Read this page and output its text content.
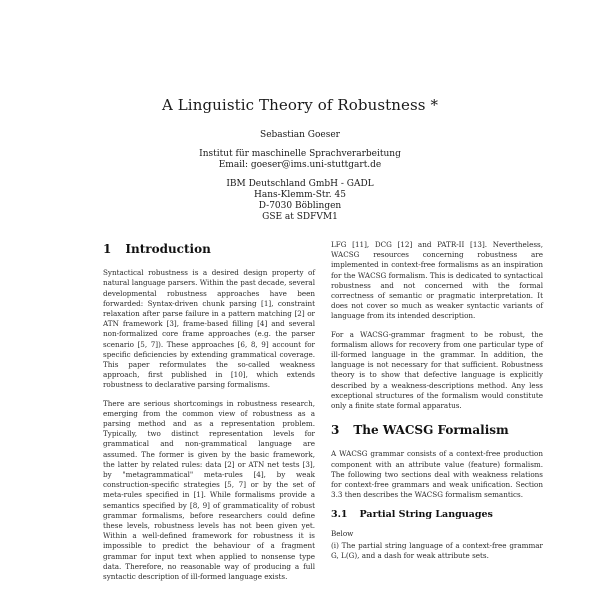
A Linguistic Theory of Robustness *
Sebastian Goeser
Institut für maschinelle Sprachverarbeitung
Email: goeser@ims.uni-stuttgart.de
IBM Deutschland GmbH - GADL
Hans-Klemm-Str. 45
D-7030 Böblingen
GSE at SDFVM1
1 Introduction

Syntactical robustness is a desired design property of natural language parsers. Within the past decade, several developmental robustness approaches have been forwarded: Syntax-driven chunk parsing [1], constraint relaxation after parse failure in a pattern matching [2] or ATN framework [3], frame-based filling [4] and several non-formalized core frame approaches (e.g. the parser scenario [5, 7]). These approaches [6, 8, 9] account for specific deficiencies by extending grammatical coverage. This paper reformulates the so-called weakness approach, first published in [10], which extends robustness to declarative parsing formalisms.

There are serious shortcomings in robustness research, emerging from the common view of robustness as a parsing method and as a representation problem. Typically, two distinct representation levels for grammatical and non-grammatical language are assumed. The former is given by the basic framework, the latter by related rules: data [2] or ATN net tests [3], by "metagrammatical" meta-rules [4], by weak construction-specific strategies [5, 7] or by the set of meta-rules specified in [1]. While formalisms provide a semantics specified by [8, 9] of grammaticality of robust grammar formalisms, before researchers could define these levels, robustness levels has not been given yet. Within a well-defined framework for robustness it is impossible to predict the behaviour of a fragment grammar for input text when applied to nonsense type data. Therefore, no reasonable way of producing a full syntactic description of ill-formed language exists.

LFG [11], DCG [12] and PATR-II [13]. Nevertheless, WACSG resources concerning robustness are implemented in context-free formalisms as an inspiration for the WACSG formalism. This is dedicated to syntactical robustness and not concerned with the formal correctness of semantic or pragmatic interpretation. It does not cover so much as weaker syntactic variants of language from its intended description.

For a WACSG-grammar fragment to be robust, the formalism allows for recovery from one particular type of ill-formed language in the grammar. In addition, the language is not necessary for that sufficient. Robustness theory is to show that defective language is explicitly described by a weakness-descriptions method. Any less exceptional structures of the formalism would constitute only a finite state formal apparatus.

3 The WACSG Formalism

A WACSG grammar consists of a context-free production component with an attribute value (feature) formalism. The following two sections deal with weakness relations for context-free grammars and weak unification. Section 3.3 then describes the WACSG formalism semantics.

3.1 Partial String Languages

Below

(i) The partial string language of a context-free grammar G, L(G), and a dash for weak attribute sets.
